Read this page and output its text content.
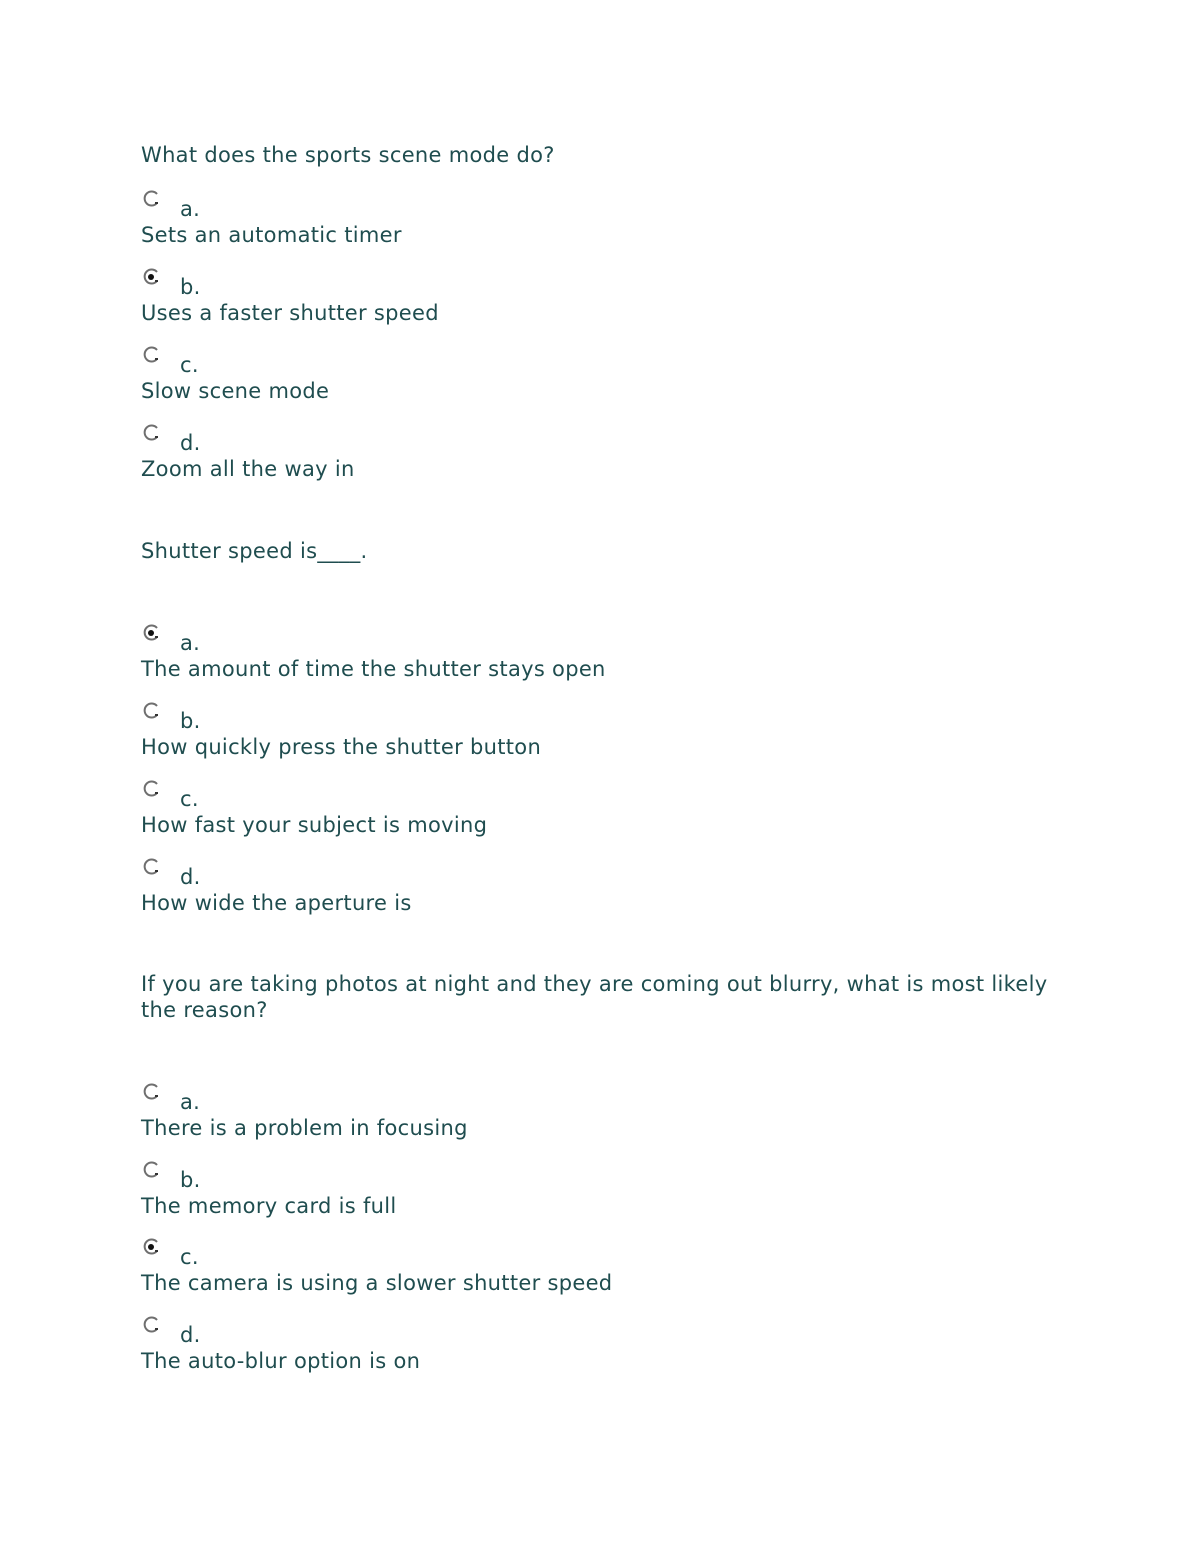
What does the sports scene mode do?
a.
Sets an automatic timer
b.
Uses a faster shutter speed
c.
Slow scene mode
d.
Zoom all the way in
Shutter speed is____.
a.
The amount of time the shutter stays open
b.
How quickly press the shutter button
c.
How fast your subject is moving
d.
How wide the aperture is
If you are taking photos at night and they are coming out blurry, what is most likely the reason?
a.
There is a problem in focusing
b.
The memory card is full
c.
The camera is using a slower shutter speed
d.
The auto-blur option is on
